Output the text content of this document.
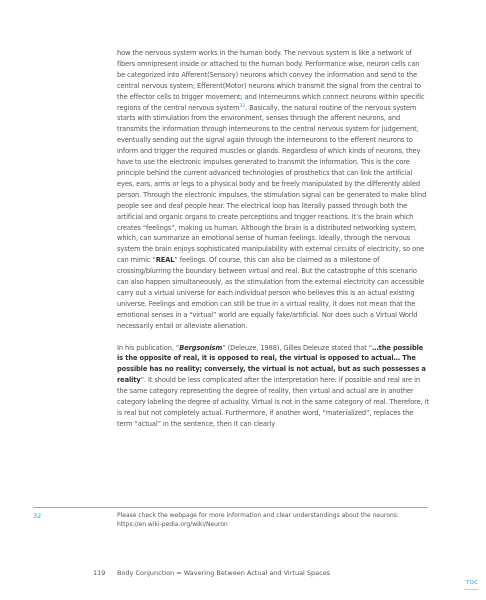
how the nervous system works in the human body. The nervous system is like a network of fibers omnipresent inside or attached to the human body. Performance wise, neuron cells can be categorized into Afferent(Sensory) neurons which convey the information and send to the central nervous system; Efferent(Motor) neurons which transmit the signal from the central to the effector cells to trigger movement; and Interneurons which connect neurons within specific regions of the central nervous system$^{32}$. Basically, the natural routine of the nervous system starts with stimulation from the environment, senses through the afferent neurons, and transmits the information through interneurons to the central nervous system for judgement, eventually sending out the signal again through the interneurons to the efferent neurons to inform and trigger the required muscles or glands. Regardless of which kinds of neurons, they have to use the electronic impulses generated to transmit the information. This is the core principle behind the current advanced technologies of prosthetics that can link the artificial eyes, ears, arms or legs to a physical body and be freely manipulated by the differently abled person. Through the electronic impulses, the stimulation signal can be generated to make blind people see and deaf people hear. The electrical loop has literally passed through both the artificial and organic organs to create perceptions and trigger reactions. It’s the brain which creates “feelings”, making us human. Although the brain is a distributed networking system, which, can summarize an emotional sense of human feelings. Ideally, through the nervous system the brain enjoys sophisticated manipulability with external circuits of electricity, so one can mimic “REAL” feelings. Of course, this can also be claimed as a milestone of crossing/blurring the boundary between virtual and real. But the catastrophe of this scenario can also happen simultaneously, as the stimulation from the external electricity can accessible carry out a virtual universe for each individual person who believes this is an actual existing universe. Feelings and emotion can still be true in a virtual reality, it does not mean that the emotional senses in a “virtual” world are equally fake/artificial. Nor does such a Virtual World necessarily entail or alleviate alienation.

In his publication, “Bergsonism” (Deleuze, 1988), Gilles Deleuze stated that “…the possible is the opposite of real, it is opposed to real, the virtual is opposed to actual… The possible has no reality; conversely, the virtual is not actual, but as such possesses a reality”. It should be less complicated after the interpretation here: if possible and real are in the same category representing the degree of reality, then virtual and actual are in another category labeling the degree of actuality. Virtual is not in the same category of real. Therefore, it is real but not completely actual. Furthermore, if another word, “materialized”, replaces the term “actual” in the sentence, then it can clearly

32	Please check the webpage for more information and clear understandings about the neurons: https://en.wiki-pedia.org/wiki/Neuron
119 Body Conjunction = Wavering Between Actual and Virtual Spaces
TOC
